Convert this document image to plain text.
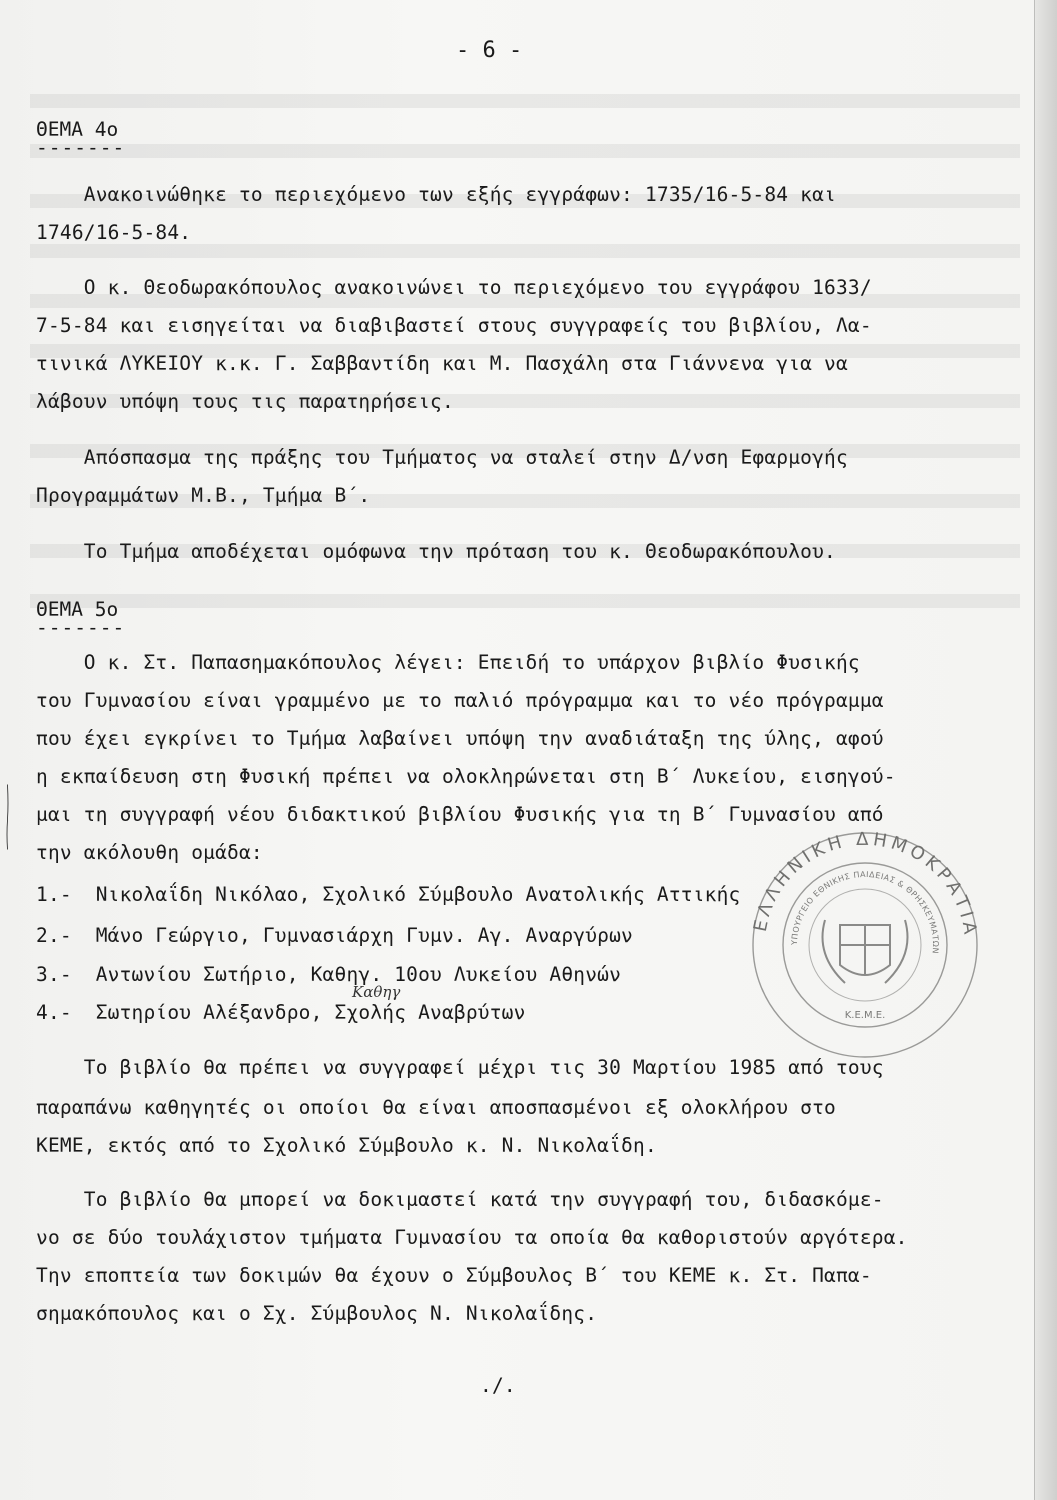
- 6 -
ΘΕΜΑ 4ο
-------
Ανακοινώθηκε το περιεχόμενο των εξής εγγράφων: 1735/16-5-84 και
1746/16-5-84.
Ο κ. Θεοδωρακόπουλος ανακοινώνει το περιεχόμενο του εγγράφου 1633/
7-5-84 και εισηγείται να διαβιβαστεί στους συγγραφείς του βιβλίου, Λα-
τινικά ΛΥΚΕΙΟΥ κ.κ. Γ. Σαββαντίδη και Μ. Πασχάλη στα Γιάννενα για να
λάβουν υπόψη τους τις παρατηρήσεις.
Απόσπασμα της πράξης του Τμήματος να σταλεί στην Δ/νση Εφαρμογής
Προγραμμάτων Μ.Β., Τμήμα Β΄.
Το Τμήμα αποδέχεται ομόφωνα την πρόταση του κ. Θεοδωρακόπουλου.
ΘΕΜΑ 5ο
-------
Ο κ. Στ. Παπασημακόπουλος λέγει: Επειδή το υπάρχον βιβλίο Φυσικής
του Γυμνασίου είναι γραμμένο με το παλιό πρόγραμμα και το νέο πρόγραμμα
που έχει εγκρίνει το Τμήμα λαβαίνει υπόψη την αναδιάταξη της ύλης, αφού
η εκπαίδευση στη Φυσική πρέπει να ολοκληρώνεται στη Β΄ Λυκείου, εισηγού-
μαι τη συγγραφή νέου διδακτικού βιβλίου Φυσικής για τη Β΄ Γυμνασίου από
την ακόλουθη ομάδα:
1.-  Νικολαΐδη Νικόλαο, Σχολικό Σύμβουλο Ανατολικής Αττικής
2.-  Μάνο Γεώργιο, Γυμνασιάρχη Γυμν. Αγ. Αναργύρων
3.-  Αντωνίου Σωτήριο, Καθηγ. 10ου Λυκείου Αθηνών
4.-  Σωτηρίου Αλέξανδρο, Σχολής Αναβρύτων
Καθηγ
Το βιβλίο θα πρέπει να συγγραφεί μέχρι τις 30 Μαρτίου 1985 από τους
παραπάνω καθηγητές οι οποίοι θα είναι αποσπασμένοι εξ ολοκλήρου στο
ΚΕΜΕ, εκτός από το Σχολικό Σύμβουλο κ. Ν. Νικολαΐδη.
Το βιβλίο θα μπορεί να δοκιμαστεί κατά την συγγραφή του, διδασκόμε-
νο σε δύο τουλάχιστον τμήματα Γυμνασίου τα οποία θα καθοριστούν αργότερα.
Την εποπτεία των δοκιμών θα έχουν ο Σύμβουλος Β΄ του ΚΕΜΕ κ. Στ. Παπα-
σημακόπουλος και ο Σχ. Σύμβουλος Ν. Νικολαΐδης.
./.
ΕΛΛΗΝΙΚΗ ΔΗΜΟΚΡΑΤΙΑ
ΥΠΟΥΡΓΕΙΟ ΕΘΝΙΚΗΣ ΠΑΙΔΕΙΑΣ & ΘΡΗΣΚΕΥΜΑΤΩΝ
Κ.Ε.Μ.Ε.
